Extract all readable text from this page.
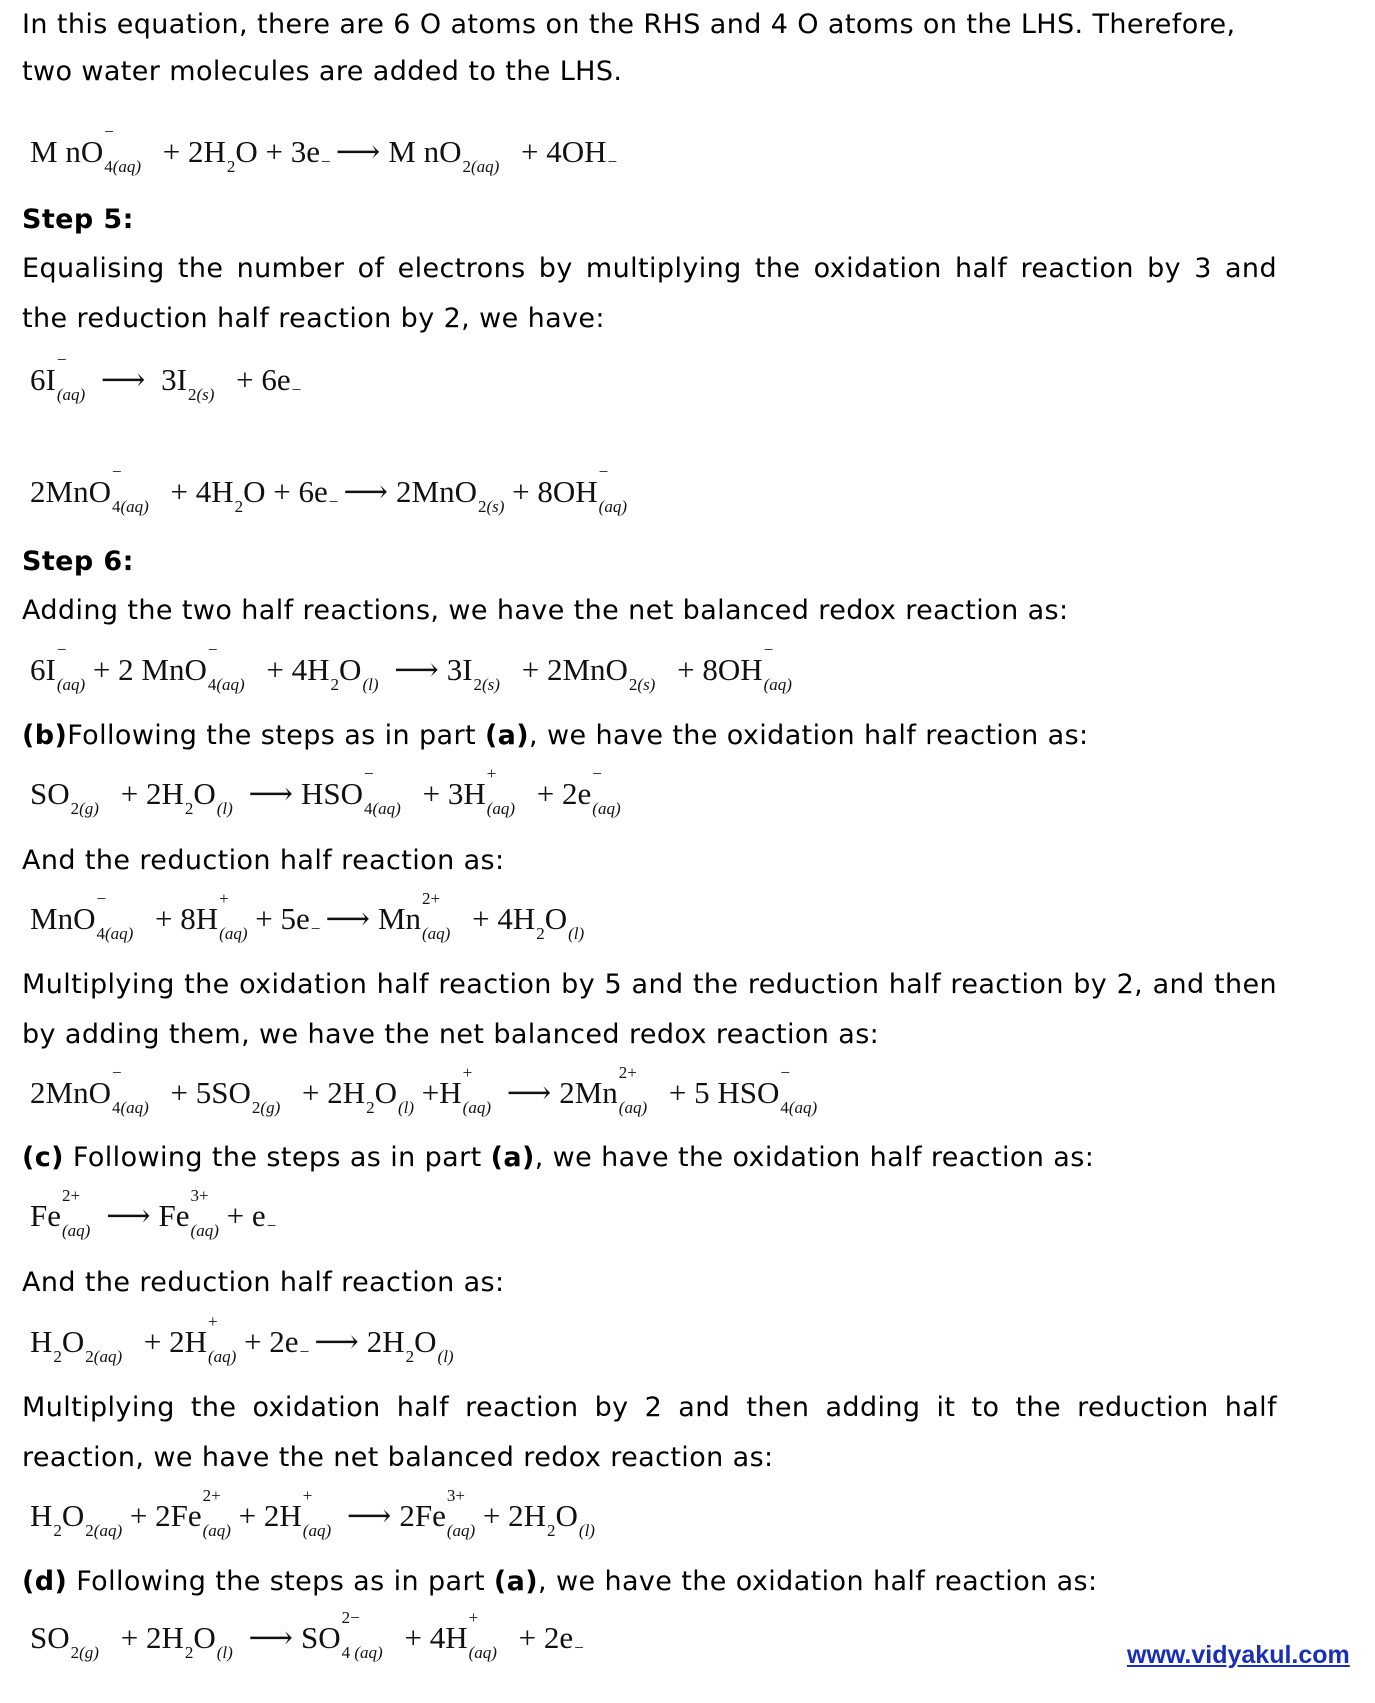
In this equation, there are 6 O atoms on the RHS and 4 O atoms on the LHS. Therefore,

two water molecules are added to the LHS.

M nO
−
$_{4(aq)} + 2H_2O + 3e$ − ⟶ M $nO_{2(aq)} + 4OH$ −

Step 5:

Equalising the number of electrons by multiplying the oxidation half reaction by 3 and

the reduction half reaction by 2, we have:

6I
−
$_{(aq)}$ ⟶ $3I_{2(s)} + 6e$ −
2MnO
−
$_{4(aq)} + 4H_2O + 6e$ − ⟶ 2MnO$_{2(s)}$ + 8OH
−
$_{(aq)}$

Step 6:

Adding the two half reactions, we have the net balanced redox reaction as:

6I
−
$_{(aq)}$ + 2 MnO
−
$_{4(aq)} + 4H_2O_{(l)}$ ⟶ $3I_{2(s)} + 2MnO_{2(s)} + 8OH$
−
$_{(aq)}$

(b)Following the steps as in part (a), we have the oxidation half reaction as:

$SO_{2(g)} + 2H_2O_{(l)}$ ⟶ HSO
−
$_{4(aq)}$ + 3H
+
$_{(aq)}$ + 2e
−
$_{(aq)}$

And the reduction half reaction as:

MnO
−
$_{4(aq)}$ + 8H
+
$_{(aq)}$ + 5e − ⟶ Mn
2+
$_{(aq)} + 4H_2O_{(l)}$

Multiplying the oxidation half reaction by 5 and the reduction half reaction by 2, and then

by adding them, we have the net balanced redox reaction as:

2MnO
−
$_{4(aq)} + 5SO_{2(g)} + 2H_2O_{(l)} +H$
+
$_{(aq)}$ ⟶ 2Mn
2+
$_{(aq)}$ + 5 HSO
−
$_{4(aq)}$

(c) Following the steps as in part (a), we have the oxidation half reaction as:

Fe
2+
$_{(aq)}$ ⟶ Fe
3+
$_{(aq)}$ + e −

And the reduction half reaction as:

$H_2O_{2(aq)} + 2H$
+
$_{(aq)}$ + 2e − ⟶ $2H_2O_{(l)}$

Multiplying the oxidation half reaction by 2 and then adding it to the reduction half

reaction, we have the net balanced redox reaction as:

$H_2O_{2(aq)} + 2Fe$
2+
$_{(aq)}$ + 2H
+
$_{(aq)}$ ⟶ 2Fe
3+
$_{(aq)} + 2H_2O_{(l)}$

(d) Following the steps as in part (a), we have the oxidation half reaction as:

$SO_{2(g)} + 2H_2O_{(l)}$ ⟶ SO
2−
$_{4 (aq)}$ + 4H
+
$_{(aq)}$ + 2e −	www.vidyakul.com
